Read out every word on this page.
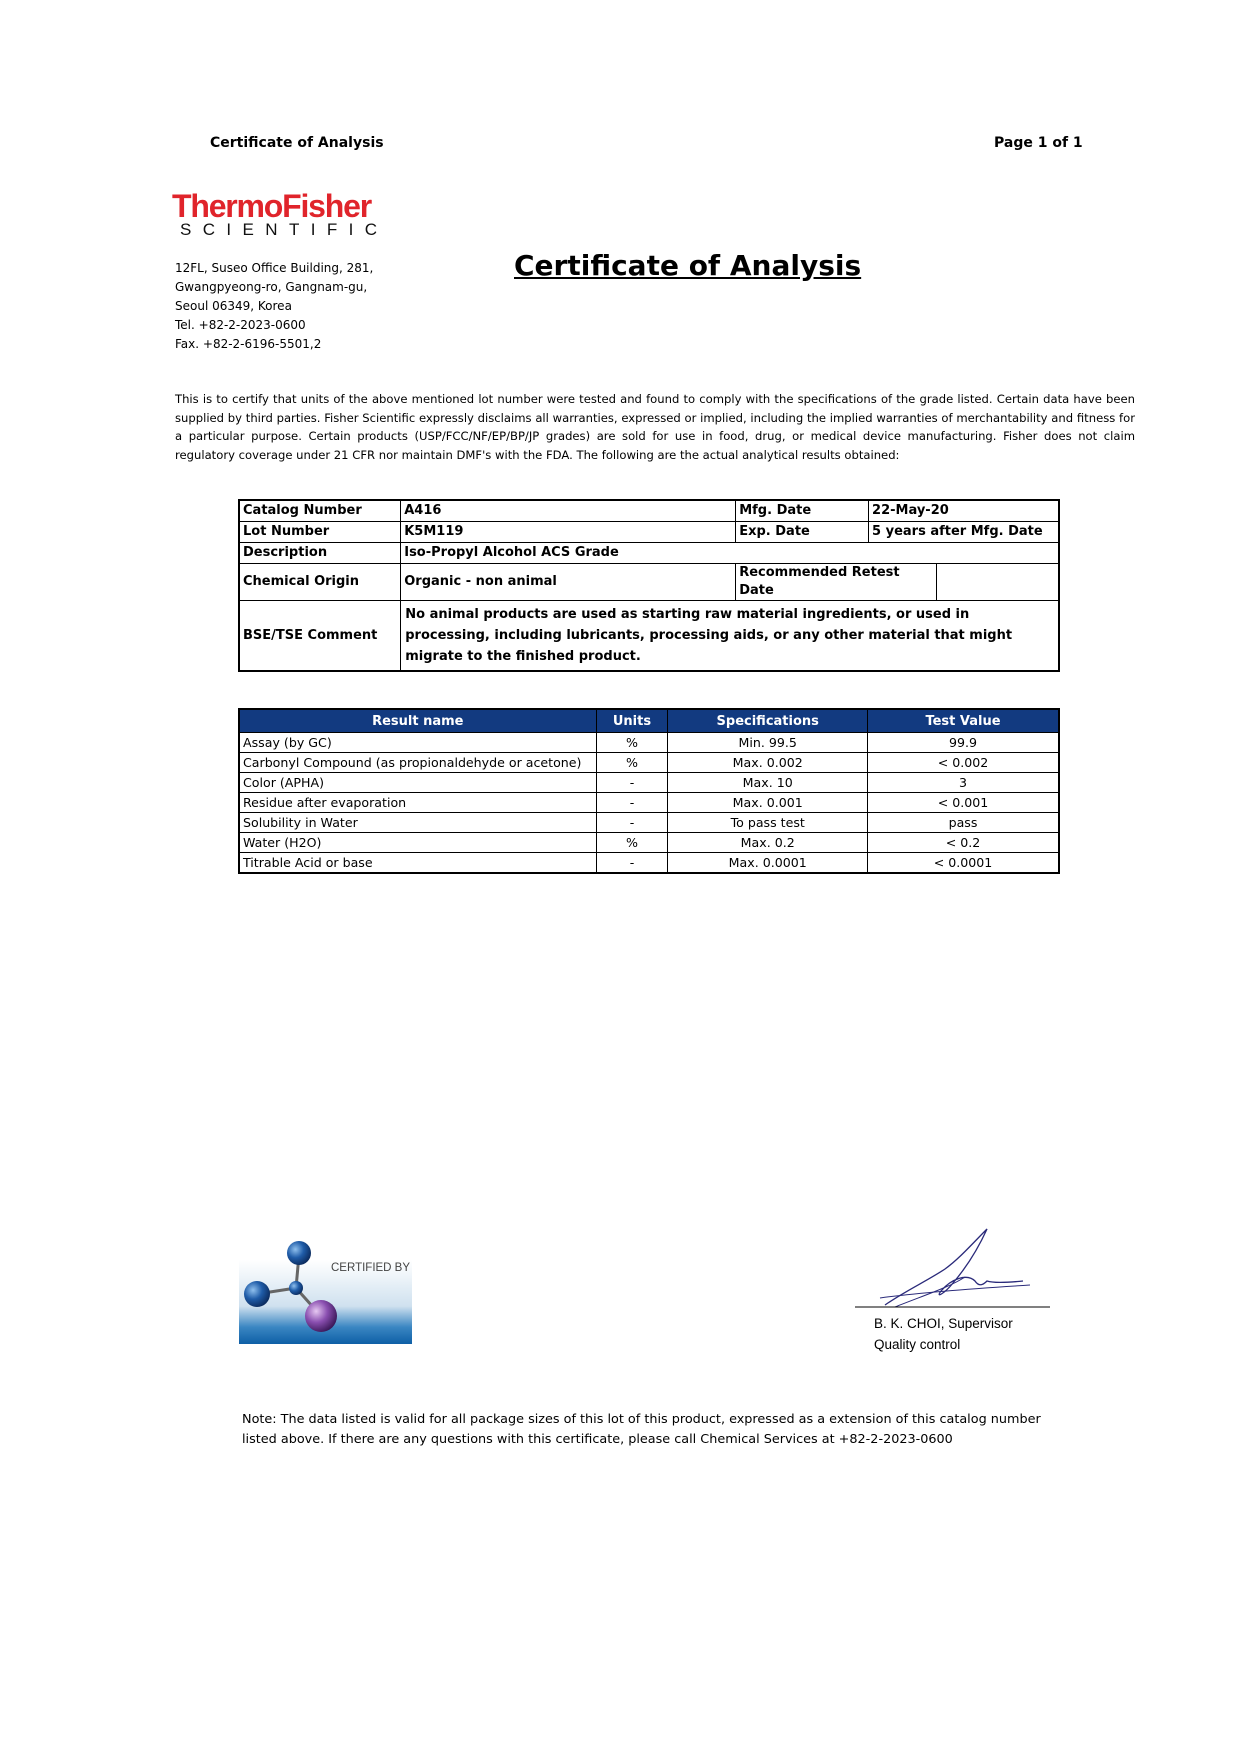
Certificate of Analysis	Page 1 of 1
ThermoFisher
SCIENTIFIC
12FL, Suseo Office Building, 281,
Gwangpyeong-ro, Gangnam-gu,
Seoul 06349, Korea
Tel. +82-2-2023-0600
Fax. +82-2-6196-5501,2
Certificate of Analysis
This is to certify that units of the above mentioned lot number were tested and found to comply with the specifications of the grade listed. Certain data have been supplied by third parties. Fisher Scientific expressly disclaims all warranties, expressed or implied, including the implied warranties of merchantability and fitness for a particular purpose. Certain products (USP/FCC/NF/EP/BP/JP grades) are sold for use in food, drug, or medical device manufacturing. Fisher does not claim regulatory coverage under 21 CFR nor maintain DMF's with the FDA. The following are the actual analytical results obtained:
Catalog Number	A416	Mfg. Date	22-May-20	
Lot Number	K5M119	Exp. Date	5 years after Mfg. Date	
Description	Iso-Propyl Alcohol ACS Grade			
Chemical Origin	Organic - non animal	Recommended Retest Date		
BSE/TSE Comment	No animal products are used as starting raw material ingredients, or used in processing, including lubricants, processing aids, or any other material that might migrate to the finished product.			
Result name	Units	Specifications	Test Value
Assay (by GC)	%	Min. 99.5	99.9
Carbonyl Compound (as propionaldehyde or acetone)	%	Max. 0.002	< 0.002
Color (APHA)	-	Max. 10	3
Residue after evaporation	-	Max. 0.001	< 0.001
Solubility in Water	-	To pass test	pass
Water (H2O)	%	Max. 0.2	< 0.2
Titrable Acid or base	-	Max. 0.0001	< 0.0001
CERTIFIED BY
B. K. CHOI, Supervisor
Quality control
Note: The data listed is valid for all package sizes of this lot of this product, expressed as a extension of this catalog number listed above. If there are any questions with this certificate, please call Chemical Services at +82-2-2023-0600
